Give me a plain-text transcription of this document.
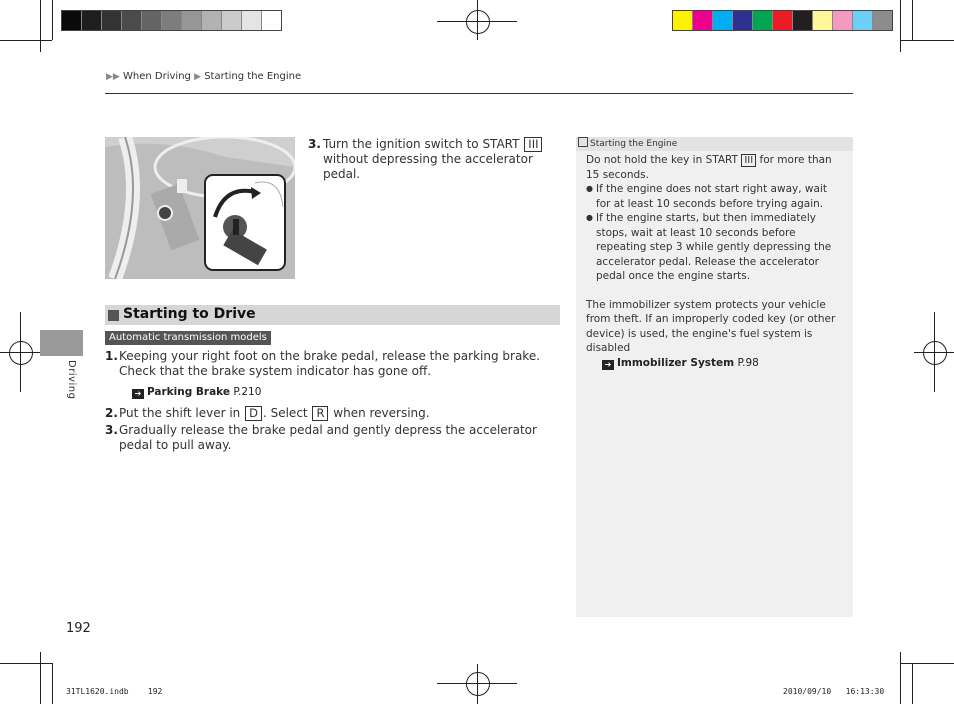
▶▶ When Driving ▶ Starting the Engine
3. Turn the ignition switch to START III without depressing the accelerator pedal.
Starting to Drive
Automatic transmission models
1. Keeping your right foot on the brake pedal, release the parking brake. Check that the brake system indicator has gone off.
➔ Parking Brake P.210
2. Put the shift lever in D . Select R when reversing.
3. Gradually release the brake pedal and gently depress the accelerator pedal to pull away.
Driving
192
Starting the Engine

Do not hold the key in START III for more than 15 seconds.

● If the engine does not start right away, wait for at least 10 seconds before trying again.
● If the engine starts, but then immediately stops, wait at least 10 seconds before repeating step 3 while gently depressing the accelerator pedal. Release the accelerator pedal once the engine starts.

The immobilizer system protects your vehicle from theft. If an improperly coded key (or other device) is used, the engine's fuel system is disabled

➔ Immobilizer System P.98
31TL1620.indb 192	2010/09/10 16:13:30
